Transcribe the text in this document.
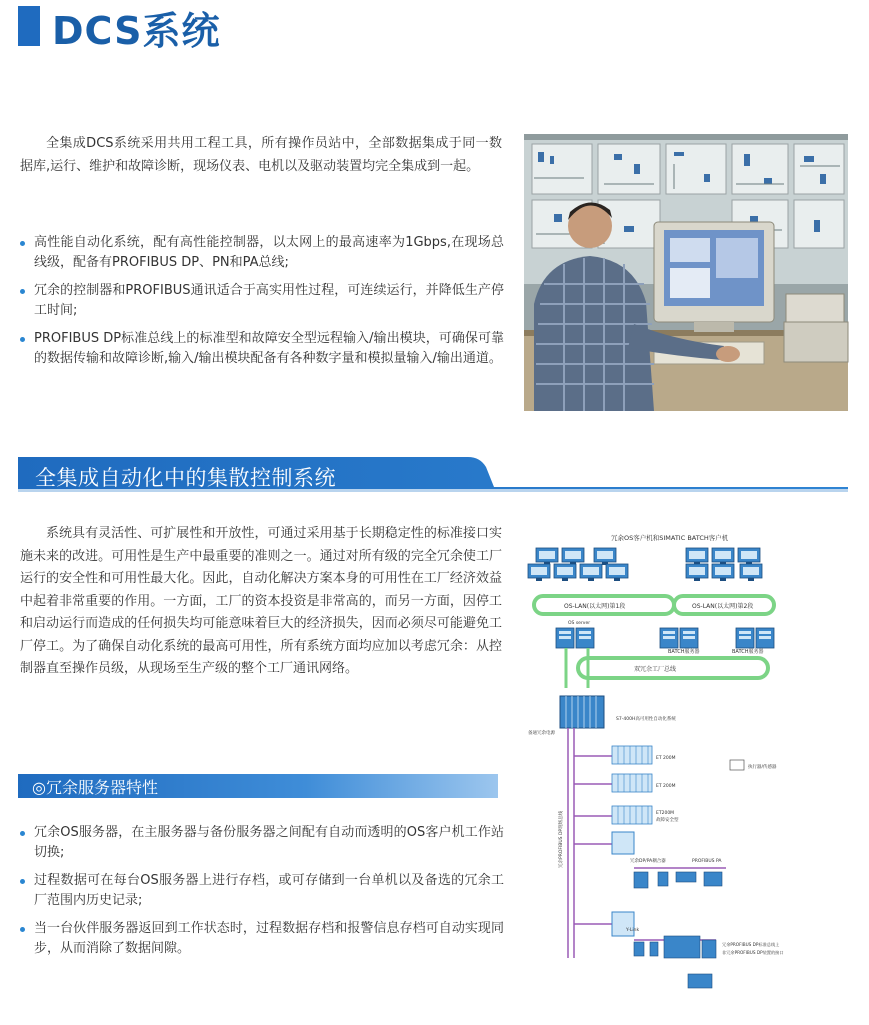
DCS系统

全集成DCS系统采用共用工程工具，所有操作员站中，全部数据集成于同一数据库,运行、维护和故障诊断，现场仪表、电机以及驱动装置均完全集成到一起。

高性能自动化系统，配有高性能控制器，以太网上的最高速率为1Gbps,在现场总线级，配备有PROFIBUS DP、PN和PA总线;
冗余的控制器和PROFIBUS通讯适合于高实用性过程，可连续运行，并降低生产停工时间;
PROFIBUS DP标准总线上的标准型和故障安全型远程输入/输出模块，可确保可靠的数据传输和故障诊断,输入/输出模块配备有各种数字量和模拟量输入/输出通道。
全集成自动化中的集散控制系统

系统具有灵活性、可扩展性和开放性，可通过采用基于长期稳定性的标准接口实施未来的改进。可用性是生产中最重要的准则之一。通过对所有级的完全冗余使工厂运行的安全性和可用性最大化。因此，自动化解决方案本身的可用性在工厂经济效益中起着非常重要的作用。一方面，工厂的资本投资是非常高的，而另一方面，因停工和启动运行而造成的任何损失均可能意味着巨大的经济损失，因而必须尽可能避免工厂停工。为了确保自动化系统的最高可用性，所有系统方面均应加以考虑冗余：从控制器直至操作员级，从现场至生产级的整个工厂通讯网络。

◎冗余服务器特性
冗余OS服务器，在主服务器与备份服务器之间配有自动而透明的OS客户机工作站切换;
过程数据可在每台OS服务器上进行存档，或可存储到一台单机以及备选的冗余工厂范围内历史记录;
当一台伙伴服务器返回到工作状态时，过程数据存档和报警信息存档可自动实现同步，从而消除了数据间隙。
冗余OS客户机和SIMATIC BATCH客户机
OS-LAN(以太网)第1段	OS-LAN(以太网)第2段
OS server
BATCH服务器	BATCH服务器
双冗余工厂总线
S7-400H高可用性自动化系统
备通冗余电源
冗余PROFIBUS DP现场总线
ET 200M
ET 200M
ET200M
故障安全型
执行器/传感器
冗余DP/PA耦合器	PROFIBUS PA
Y-Link
冗余PROFIBUS DP标准总线上
非冗余PROFIBUS DP装置的接口
